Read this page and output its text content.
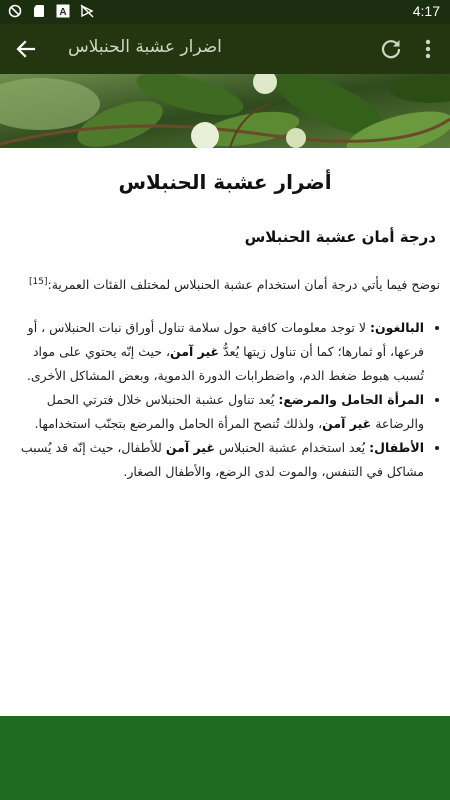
A	4:17
اضرار عشبة الحنبلاس
أضرار عشبة الحنبلاس
درجة أمان عشبة الحنبلاس
نوضح فيما يأتي درجة أمان استخدام عشبة الحنبلاس لمختلف الفئات العمرية:[15]
• البالغون: لا توجد معلومات كافية حول سلامة تناول أوراق نبات الحنبلاس ، أو فرعها، أو ثمارها؛ كما أن تناول زيتها يُعدُّ غير آمن، حيث إنّه يحتوي على مواد تُسبب هبوط ضغط الدم، واضطرابات الدورة الدموية، وبعض المشاكل الأخرى.
• المرأة الحامل والمرضع: يُعد تناول عشبة الحنبلاس خلال فترتي الحمل والرضاعة غير آمن، ولذلك تُنصح المرأة الحامل والمرضع بتجنّب استخدامها.
• الأطفال: يُعد استخدام عشبة الحنبلاس غير آمن للأطفال، حيث إنّه قد يُسبب مشاكل في التنفس، والموت لدى الرضع، والأطفال الصغار.
